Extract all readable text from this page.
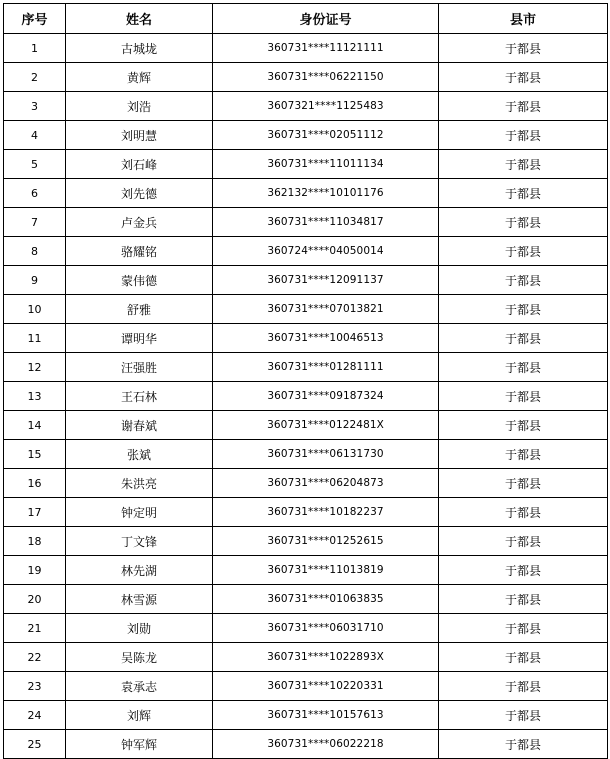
序号	姓名	身份证号	县市
1	古城垅	360731****11121111	于都县
2	黄辉	360731****06221150	于都县
3	刘浩	3607321****1125483	于都县
4	刘明慧	360731****02051112	于都县
5	刘石峰	360731****11011134	于都县
6	刘先德	362132****10101176	于都县
7	卢金兵	360731****11034817	于都县
8	骆耀铭	360724****04050014	于都县
9	蒙伟德	360731****12091137	于都县
10	舒雅	360731****07013821	于都县
11	谭明华	360731****10046513	于都县
12	汪强胜	360731****01281111	于都县
13	王石林	360731****09187324	于都县
14	谢春斌	360731****0122481X	于都县
15	张斌	360731****06131730	于都县
16	朱洪亮	360731****06204873	于都县
17	钟定明	360731****10182237	于都县
18	丁文锋	360731****01252615	于都县
19	林先湖	360731****11013819	于都县
20	林雪源	360731****01063835	于都县
21	刘勋	360731****06031710	于都县
22	吴陈龙	360731****1022893X	于都县
23	袁承志	360731****10220331	于都县
24	刘辉	360731****10157613	于都县
25	钟军辉	360731****06022218	于都县
